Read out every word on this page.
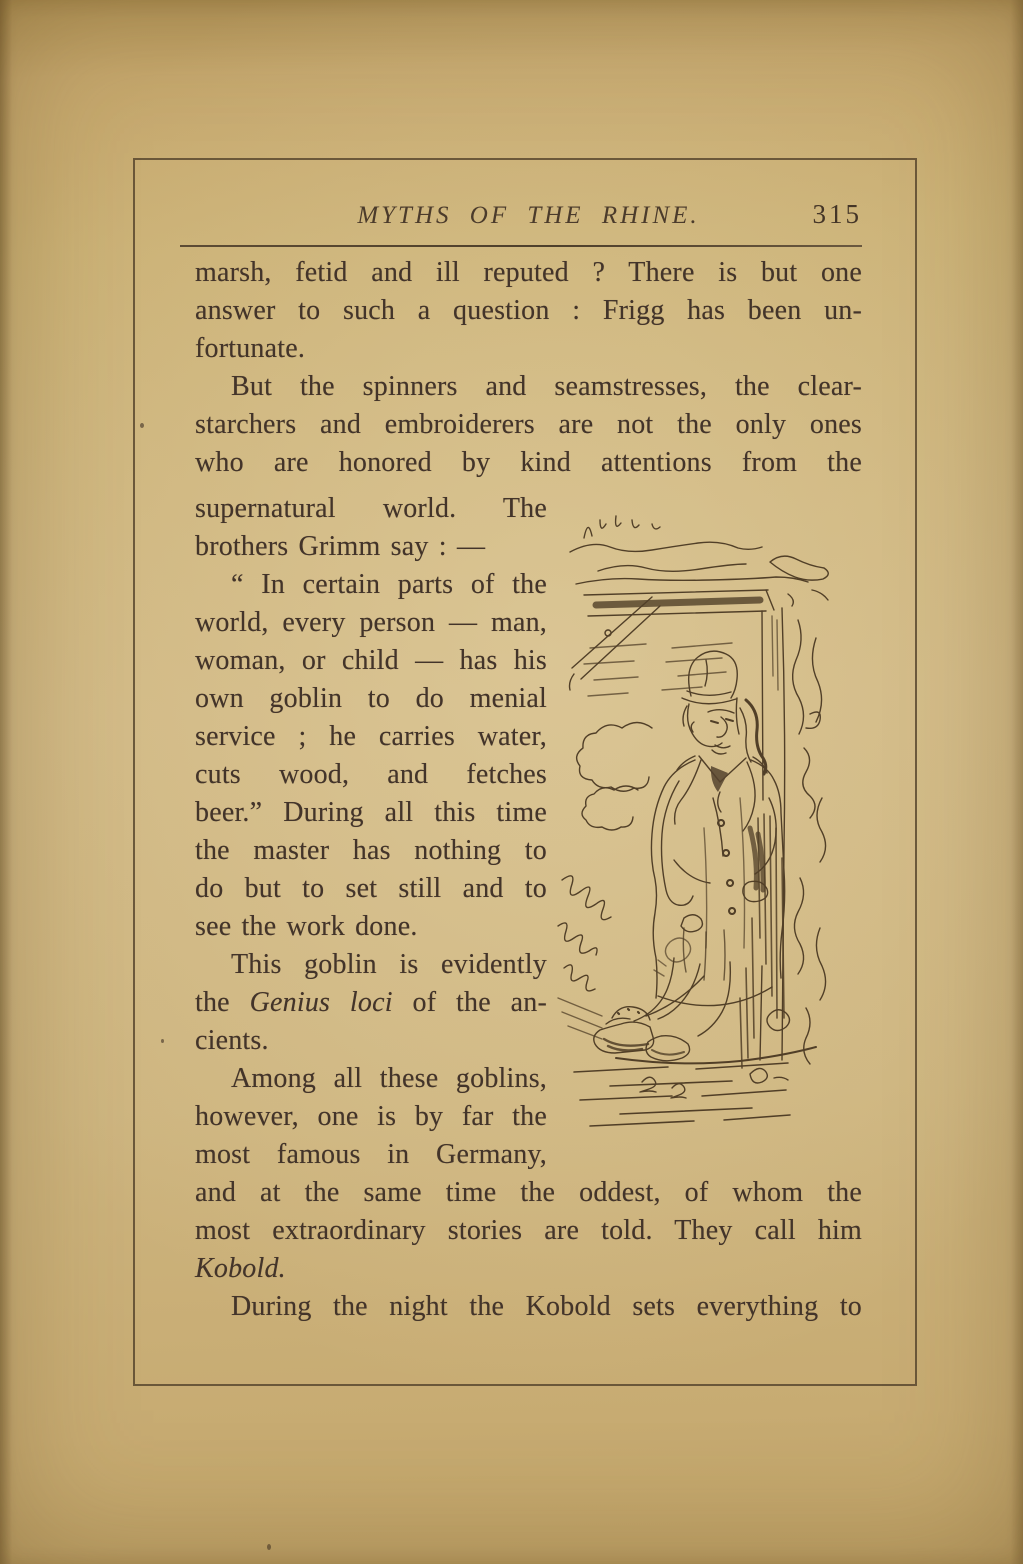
MYTHS OF THE RHINE.	315
marsh, fetid and ill reputed ? There is but one
answer to such a question : Frigg has been un-
fortunate.
But the spinners and seamstresses, the clear-
starchers and embroiderers are not the only ones
who are honored by kind attentions from the
supernatural world. The
brothers Grimm say : —
“ In certain parts of the
world, every person — man,
woman, or child — has his
own goblin to do menial
service ; he carries water,
cuts wood, and fetches
beer.” During all this time
the master has nothing to
do but to set still and to
see the work done.
This goblin is evidently
the Genius loci of the an-
cients.
Among all these goblins,
however, one is by far the
most famous in Germany,
and at the same time the oddest, of whom the
most extraordinary stories are told. They call him
Kobold.
During the night the Kobold sets everything to
